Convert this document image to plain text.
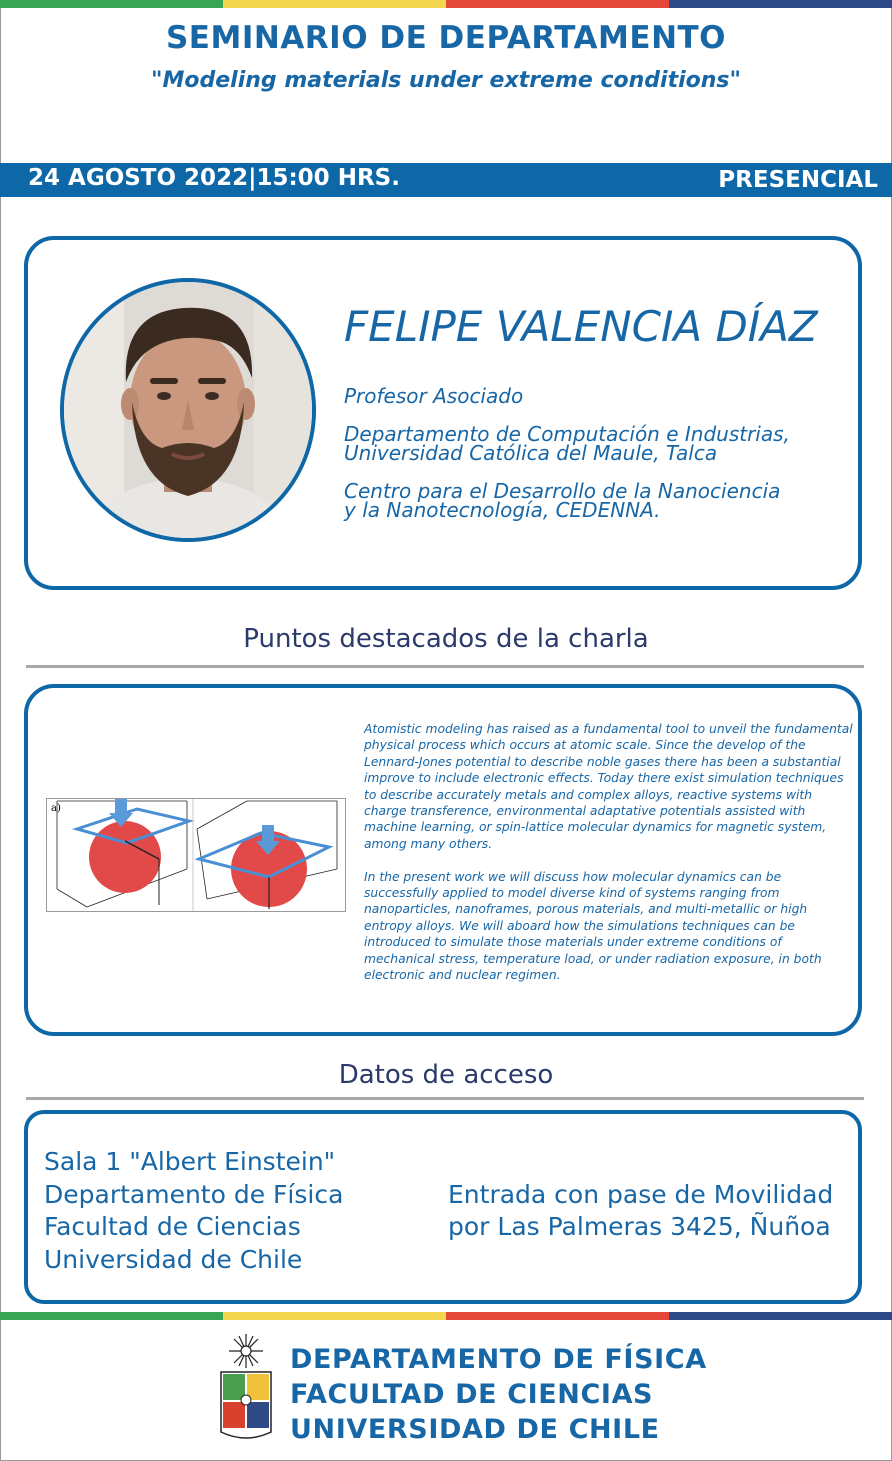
SEMINARIO DE DEPARTAMENTO
"Modeling materials under extreme conditions"
24 AGOSTO 2022|15:00 HRS.	PRESENCIAL
FELIPE VALENCIA DÍAZ
Profesor Asociado
Departamento de Computación e Industrias,
Universidad Católica del Maule, Talca
Centro para el Desarrollo de la Nanociencia
y la Nanotecnología, CEDENNA.
Puntos destacados de la charla
a)

Atomistic modeling has raised as a fundamental tool to unveil the fundamental physical process which occurs at atomic scale. Since the develop of the Lennard-Jones potential to describe noble gases there has been a substantial improve to include electronic effects. Today there exist simulation techniques to describe accurately metals and complex alloys, reactive systems with charge transference, environmental adaptative potentials assisted with machine learning, or spin-lattice molecular dynamics for magnetic system, among many others.

In the present work we will discuss how molecular dynamics can be successfully applied to model diverse kind of systems ranging from nanoparticles, nanoframes, porous materials, and multi-metallic or high entropy alloys. We will aboard how the simulations techniques can be introduced to simulate those materials under extreme conditions of mechanical stress, temperature load, or under radiation exposure, in both electronic and nuclear regimen.

Datos de acceso
Sala 1 "Albert Einstein"
Departamento de Física
Facultad de Ciencias
Universidad de Chile
Entrada con pase de Movilidad
por Las Palmeras 3425, Ñuñoa
DEPARTAMENTO DE FÍSICA
FACULTAD DE CIENCIAS
UNIVERSIDAD DE CHILE
